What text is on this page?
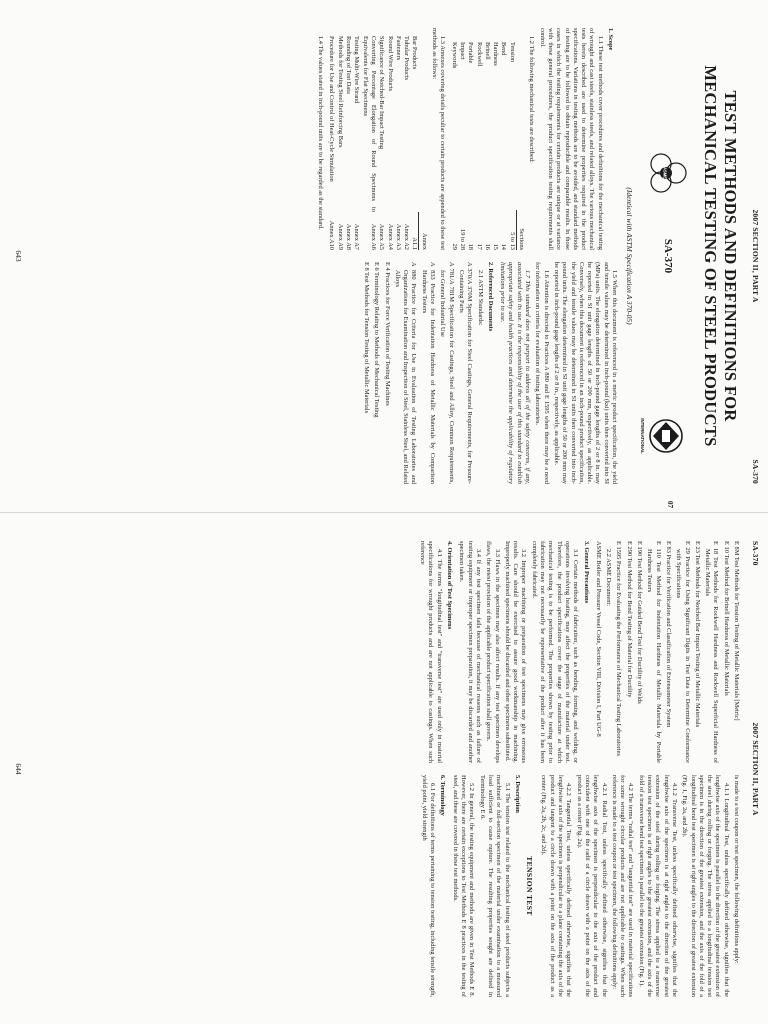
2007 SECTION II, PART A
SA-370
TEST METHODS AND DEFINITIONS FOR
MECHANICAL TESTING OF STEEL PRODUCTS
ASME
SA-370
INTERNATIONAL
(Identical with ASTM Specification A 370-05)
07
1. Scope

1.1 These test methods cover procedures and definitions for the mechanical testing of wrought and cast steels, stainless steels, and related alloys. The various mechanical tests herein described are used to determine properties required in the product specifications. Variations in testing methods are to be avoided, and standard methods of testing are to be followed to obtain reproducible and comparable results. In those cases in which the testing requirements for certain products are unique or at variance with these general procedures, the product specification testing requirements shall control.

1.2 The following mechanical tests are described:

Sections
Tension
5 to 13
Bend
14
Hardness
15
Brinell
16
Rockwell
17
Portable
18
Impact
19 to 28
Keywords
29

1.3 Annexes covering details peculiar to certain products are appended to these test methods as follows:

Annex
Bar Products
A1.1
Tubular Products
Annex A2
Fasteners
Annex A3
Round Wire Products
Annex A4
Significance of Notched-Bar Impact Testing
Annex A5
Converting Percentage Elongation of Round Specimens to Equivalents for Flat Specimens
Annex A6
Testing Multi-Wire Strand
Annex A7
Rounding of Test Data
Annex A8
Methods for Testing Steel Reinforcing Bars
Annex A9
Procedure for Use and Control of Heat-Cycle Simulation
Annex A10

1.4 The values stated in inch-pound units are to be regarded as the standard.

1.5 When this document is referenced in a metric product specification, the yield and tensile values may be determined in inch-pound (ksi) units then converted into SI (MPa) units. The elongation determined in inch-pound gage lengths of 2 or 8 in. may be reported in SI unit gage lengths of 50 or 200 mm, respectively, as applicable. Conversely, when this document is referenced in an inch-pound product specification, the yield and tensile values may be determined in SI units then converted into inch-pound units. The elongation determined in SI unit gage lengths of 50 or 200 mm may be reported in inch-pound gage lengths of 2 or 8 in., respectively, as applicable.

1.6 Attention is directed to Practices A 880 and E 1595 when there may be a need for information on criteria for evaluation of testing laboratories.

1.7 This standard does not purport to address all of the safety concerns, if any, associated with its use. It is the responsibility of the user of this standard to establish appropriate safety and health practices and determine the applicability of regulatory limitations prior to use.

2. Referenced Documents

2.1 ASTM Standards:

A 370/A 370M Specification for Steel Castings, General Requirements, for Pressure-Containing Parts

A 781/A 781M Specification for Castings, Steel and Alloy, Common Requirements, for General Industrial Use

A 833 Practice for Indentation Hardness of Metallic Materials by Comparison Hardness Testers

A 880 Practice for Criteria for Use in Evaluation of Testing Laboratories and Organizations for Examination and Inspection of Steel, Stainless Steel, and Related Alloys

E 4 Practices for Force Verification of Testing Machines

E 6 Terminology Relating to Methods of Mechanical Testing

E 8 Test Methods for Tension Testing of Metallic Materials

643
SA-370
2007 SECTION II, PART A

E 8M Test Methods for Tension Testing of Metallic Materials [Metric]

E 10 Test Method for Brinell Hardness of Metallic Materials

E 18 Test Methods for Rockwell Hardness and Rockwell Superficial Hardness of Metallic Materials

E 23 Test Methods for Notched Bar Impact Testing of Metallic Materials

E 29 Practice for Using Significant Digits in Test Data to Determine Conformance with Specifications

E 83 Practice for Verification and Classification of Extensometer System

E 110 Test Method for Indentation Hardness of Metallic Materials by Portable Hardness Testers

E 190 Test Method for Guided Bend Test for Ductility of Welds

E 290 Test Method for Bend Testing of Material for Ductility

E 1595 Practice for Evaluating the Performance of Mechanical Testing Laboratories

2.2 ASME Document:

ASME Boiler and Pressure Vessel Code, Section VIII, Division I, Part UG-8

3. General Precautions

3.1 Certain methods of fabrication, such as bending, forming, and welding, or operations involving heating, may affect the properties of the material under test. Therefore, the product specifications cover the stage of manufacture at which mechanical testing is to be performed. The properties shown by testing prior to fabrication may not necessarily be representative of the product after it has been completely fabricated.

3.2 Improper machining or preparation of test specimens may give erroneous results. Care should be exercised to assure good workmanship in machining. Improperly machined specimens should be discarded and other specimens substituted.

3.3 Flaws in the specimen may also affect results. If any test specimen develops flaws, the retest provision of the applicable product specification shall govern.

3.4 If any test specimen fails because of mechanical reasons such as failure of testing equipment or improper specimen preparation, it may be discarded and another specimen taken.

4. Orientation of Test Specimens

4.1 The terms "longitudinal test" and "transverse test" are used only in material specifications for wrought products and are not applicable to castings. When such reference

is made to a test coupon or test specimen, the following definitions apply:

4.1.1 Longitudinal Test, unless specifically defined otherwise, signifies that the lengthwise axis of the specimen is parallel to the direction of the greatest extension of the steel during rolling or forging. The stress applied to a longitudinal tension test specimen is in the direction of the greatest extension, and the axis of the fold of a longitudinal bend test specimen is at right angles to the direction of greatest extension (Fig. 1, Fig. 2a, and 2b).

4.1.2 Transverse Test, unless specifically defined otherwise, signifies that the lengthwise axis of the specimen is at right angles to the direction of the greatest extension of the steel during rolling or forging. The stress applied to a transverse tension test specimen is at right angles to the greatest extension, and the axis of the fold of a transverse bend test specimen is parallel to the greatest extension (Fig. 1).

4.2 The terms "radial test" and "tangential test" are used in material specifications for some wrought circular products and are not applicable to castings. When such reference is made to a test coupon or test specimen, the following definitions apply:

4.2.1 Radial Test, unless specifically defined otherwise, signifies that the lengthwise axis of the specimen is perpendicular to the axis of the product and coincident with one of the radii of a circle drawn with a point on the axis of the product as a center (Fig. 2a).

4.2.2 Tangential Test, unless specifically defined otherwise, signifies that the lengthwise axis of the specimen is perpendicular to a plane containing the axis of the product and tangent to a circle drawn with a point on the axis of the product as a center (Fig. 2a, 2b, 2c, and 2d).

TENSION TEST
5. Description

5.1 The tension test related to the mechanical testing of steel products subjects a machined or full-section specimen of the material under examination to a measured load sufficient to cause rupture. The resulting properties sought are defined in Terminology E 6.

5.2 In general, the testing equipment and methods are given in Test Methods E 8. However, there are certain exceptions to Test Methods E 8 practices in the testing of steel, and these are covered in these test methods.

6. Terminology

6.1 For definitions of terms pertaining to tension testing, including tensile strength, yield point, yield strength

644
